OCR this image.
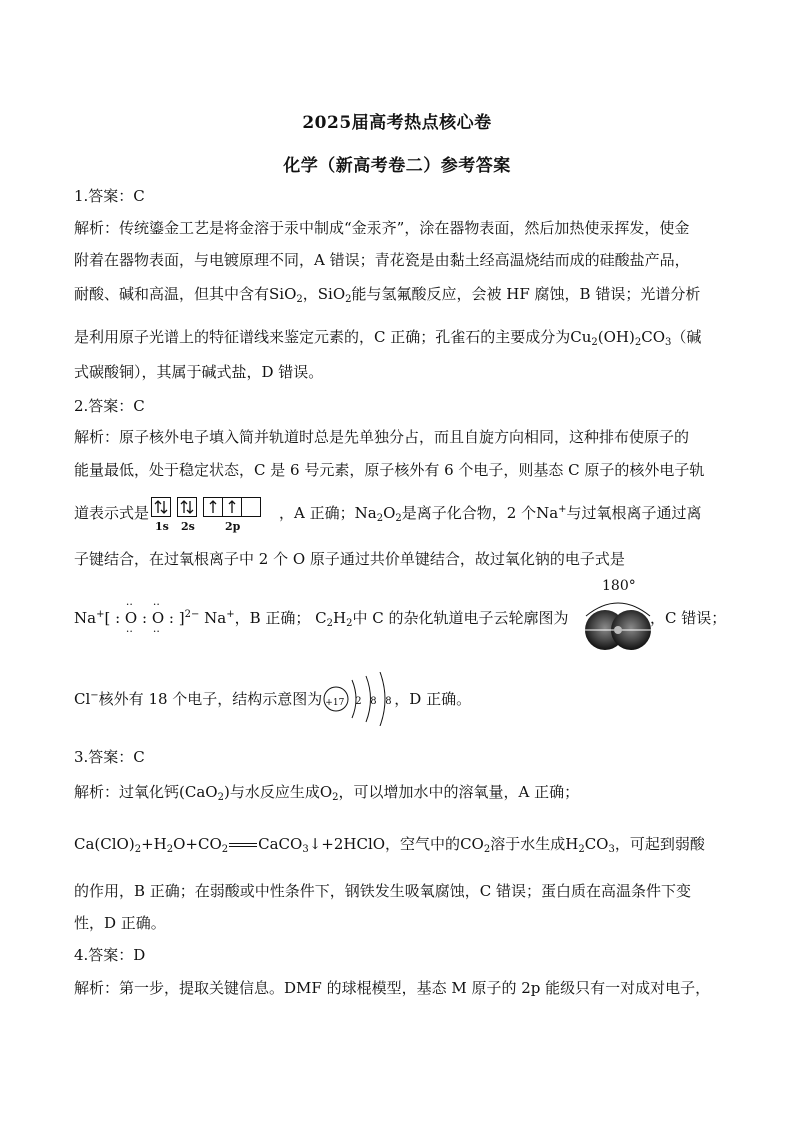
2025届高考热点核心卷
化学（新高考卷二）参考答案
1.答案：C
解析：传统鎏金工艺是将金溶于汞中制成“金汞齐”，涂在器物表面，然后加热使汞挥发，使金
附着在器物表面，与电镀原理不同，A 错误；青花瓷是由黏土经高温烧结而成的硅酸盐产品，
耐酸、碱和高温，但其中含有SiO$_2$，SiO$_2$能与氢氟酸反应，会被 HF 腐蚀，B 错误；光谱分析
是利用原子光谱上的特征谱线来鉴定元素的，C 正确；孔雀石的主要成分为$Cu_2(OH)_2CO_3$（碱
式碳酸铜），其属于碱式盐，D 错误。
2.答案：C
解析：原子核外电子填入简并轨道时总是先单独分占，而且自旋方向相同，这种排布使原子的
能量最低，处于稳定状态，C 是 6 号元素，原子核外有 6 个电子，则基态 C 原子的核外电子轨
道表示式是
1s 2s	2p
，A 正确；$Na_2O_2$是离子化合物，2 个Na+与过氧根离子通过离
子键结合，在过氧根离子中 2 个 O 原子通过共价单键结合，故过氧化钠的电子式是
Na+[ : O
··
··
: O
··
··
: ]$^{2-}$ Na+，B 正确； $C_2H_2$中 C 的杂化轨道电子云轮廓图为
180°
，C 错误；
Cl−核外有 18 个电子，结构示意图为 +17 2 8 8 ，D 正确。
3.答案：C
解析：过氧化钙(CaO$_2$)与水反应生成$O_2$，可以增加水中的溶氧量，A 正确；
$Ca(ClO)_2+H_2O+CO_2$ CaCO$_3$↓+2HClO，空气中的$CO_2$溶于水生成$H_2CO_3$，可起到弱酸
的作用，B 正确；在弱酸或中性条件下，钢铁发生吸氧腐蚀，C 错误；蛋白质在高温条件下变
性，D 正确。
4.答案：D
解析：第一步，提取关键信息。DMF 的球棍模型，基态 M 原子的 2p 能级只有一对成对电子，
